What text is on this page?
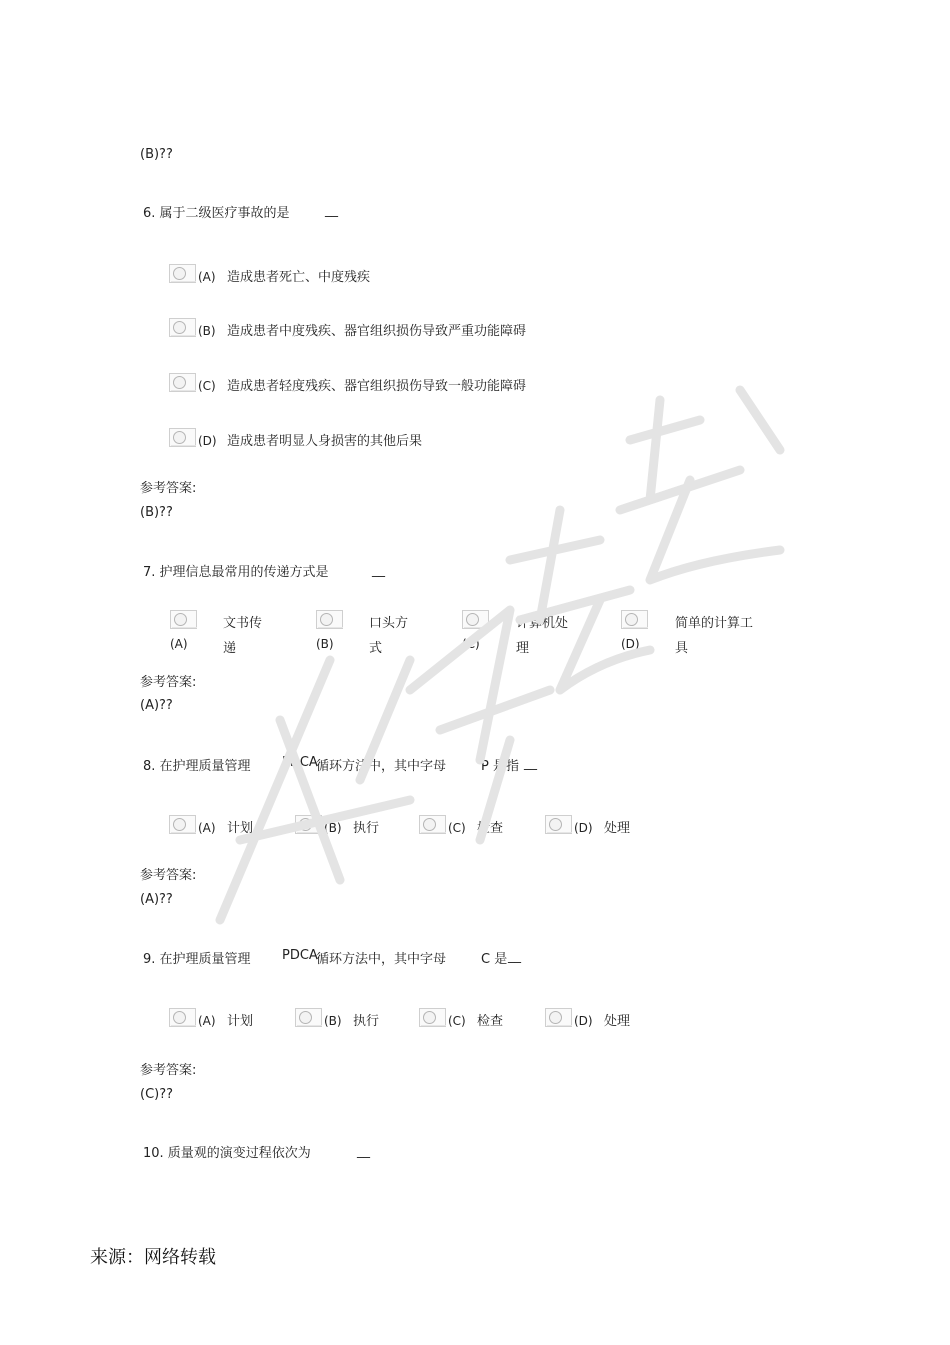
(B)??
6. 属于二级医疗事故的是	__
(A) 造成患者死亡、中度残疾
(B) 造成患者中度残疾、器官组织损伤导致严重功能障碍
(C) 造成患者轻度残疾、器官组织损伤导致一般功能障碍
(D) 造成患者明显人身损害的其他后果
参考答案:
(B)??
7. 护理信息最常用的传递方式是	__
(A)
文书传
递	(B)
口头方
式	(C)
计算机处
理	(D)
简单的计算工
具
参考答案:
(A)??
8. 在护理质量管理 PDCA
循环方法中，其中字母	P 是指 __
(A) 计划	(B) 执行	(C) 检查	(D) 处理
参考答案:
(A)??
9. 在护理质量管理 PDCA
循环方法中，其中字母	C 是 __
(A) 计划	(B) 执行	(C) 检查	(D) 处理
参考答案:
(C)??
10. 质量观的演变过程依次为	__
来源：网络转载
